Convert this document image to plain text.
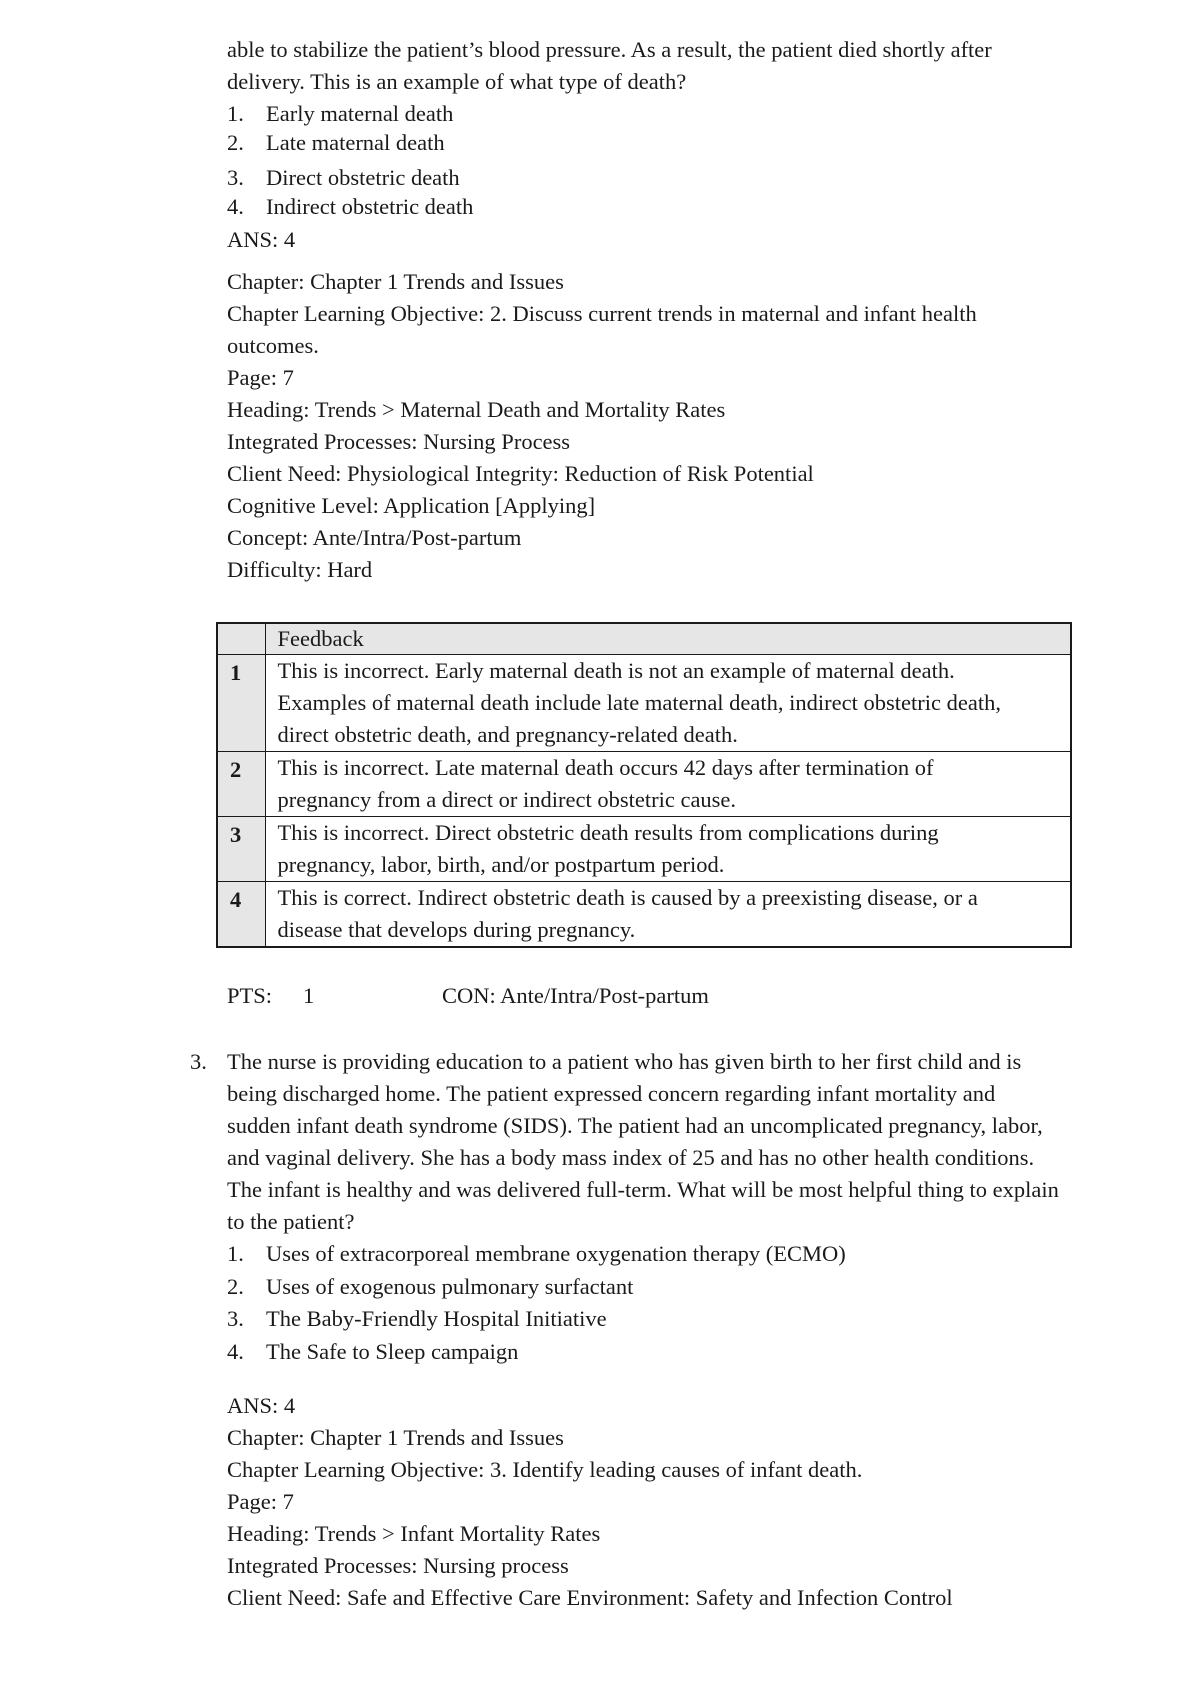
able to stabilize the patient’s blood pressure. As a result, the patient died shortly after
delivery. This is an example of what type of death?
1. Early maternal death
2. Late maternal death
3. Direct obstetric death
4. Indirect obstetric death
ANS: 4
Chapter: Chapter 1 Trends and Issues
Chapter Learning Objective: 2. Discuss current trends in maternal and infant health
outcomes.
Page: 7
Heading: Trends > Maternal Death and Mortality Rates
Integrated Processes: Nursing Process
Client Need: Physiological Integrity: Reduction of Risk Potential
Cognitive Level: Application [Applying]
Concept: Ante/Intra/Post-partum
Difficulty: Hard
	Feedback
1	This is incorrect. Early maternal death is not an example of maternal death.
Examples of maternal death include late maternal death, indirect obstetric death,
direct obstetric death, and pregnancy-related death.

2	This is incorrect. Late maternal death occurs 42 days after termination of
pregnancy from a direct or indirect obstetric cause.

3	This is incorrect. Direct obstetric death results from complications during
pregnancy, labor, birth, and/or postpartum period.

4	This is correct. Indirect obstetric death is caused by a preexisting disease, or a
disease that develops during pregnancy.
PTS: 1	CON: Ante/Intra/Post-partum
3. The nurse is providing education to a patient who has given birth to her first child and is
being discharged home. The patient expressed concern regarding infant mortality and
sudden infant death syndrome (SIDS). The patient had an uncomplicated pregnancy, labor,
and vaginal delivery. She has a body mass index of 25 and has no other health conditions.
The infant is healthy and was delivered full-term. What will be most helpful thing to explain
to the patient?
1. Uses of extracorporeal membrane oxygenation therapy (ECMO)
2. Uses of exogenous pulmonary surfactant
3. The Baby-Friendly Hospital Initiative
4. The Safe to Sleep campaign
ANS: 4
Chapter: Chapter 1 Trends and Issues
Chapter Learning Objective: 3. Identify leading causes of infant death.
Page: 7
Heading: Trends > Infant Mortality Rates
Integrated Processes: Nursing process
Client Need: Safe and Effective Care Environment: Safety and Infection Control
